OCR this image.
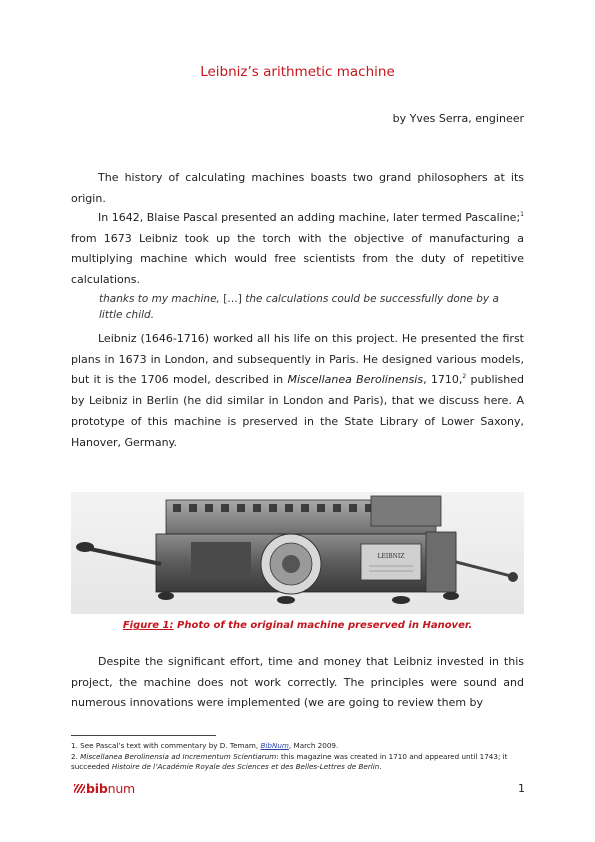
Leibniz’s arithmetic machine
by Yves Serra, engineer
The history of calculating machines boasts two grand philosophers at its origin.
In 1642, Blaise Pascal presented an adding machine, later termed Pascaline;$^1$ from 1673 Leibniz took up the torch with the objective of manufacturing a multiplying machine which would free scientists from the duty of repetitive calculations.
thanks to my machine, […] the calculations could be successfully done by a little child.
Leibniz (1646-1716) worked all his life on this project. He presented the first plans in 1673 in London, and subsequently in Paris. He designed various models, but it is the 1706 model, described in Miscellanea Berolinensis, 1710,$^2$ published by Leibniz in Berlin (he did similar in London and Paris), that we discuss here. A prototype of this machine is preserved in the State Library of Lower Saxony, Hanover, Germany.
LEIBNIZ
Figure 1: Photo of the original machine preserved in Hanover.
Despite the significant effort, time and money that Leibniz invested in this project, the machine does not work correctly. The principles were sound and numerous innovations were implemented (we are going to review them by
1. See Pascal’s text with commentary by D. Temam, BibNum, March 2009.
2. Miscellanea Berolinensia ad Incrementum Scientiarum: this magazine was created in 1710 and appeared until 1743; it succeeded Histoire de l’Académie Royale des Sciences et des Belles-Lettres de Berlin.
bibnum	1
